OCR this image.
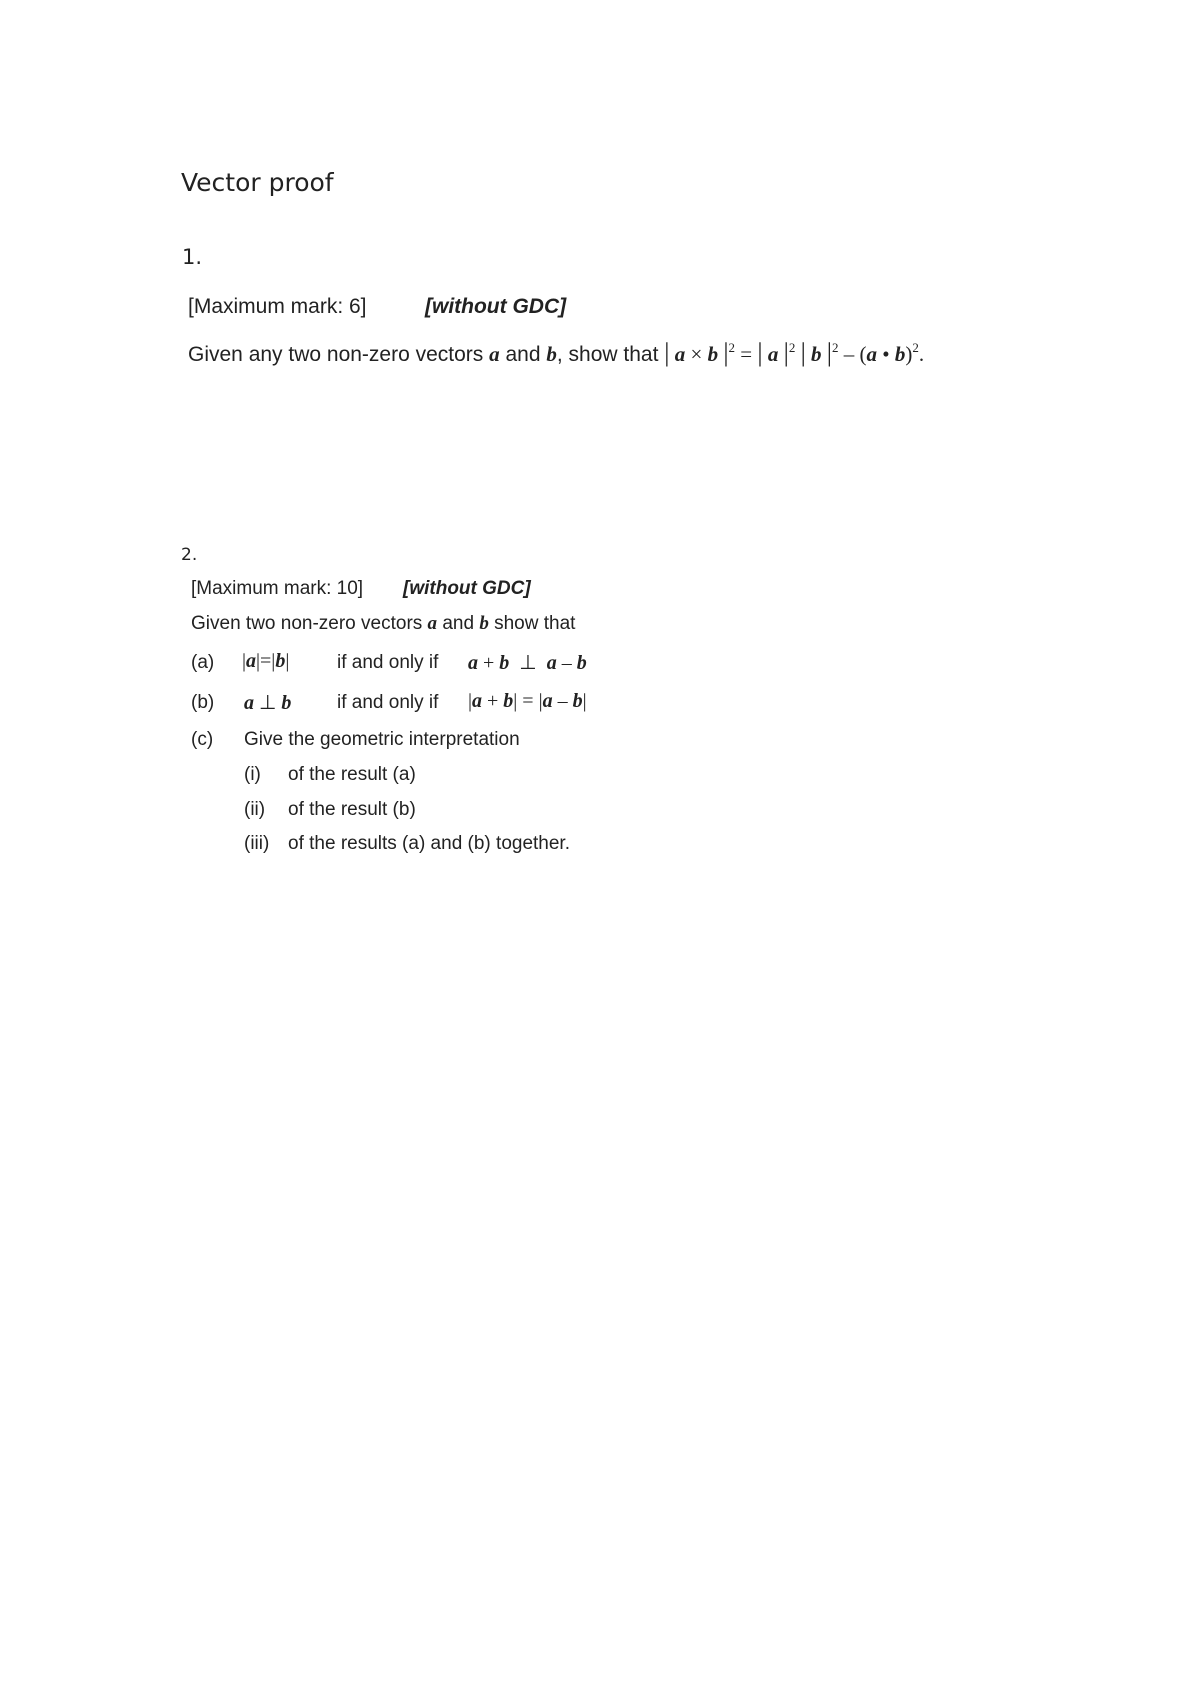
Vector proof
1.
[Maximum mark: 6]	[without GDC]
Given any two non-zero vectors a and b, show that | a × b $|^2$ = | a $|^2$ | b $|^2 - (a$ • b)$^2$.
2.
[Maximum mark: 10] [without GDC]
Given two non-zero vectors a and b show that
(a) |a|=|b|	if and only if a + b  ⊥  a – b
(b) a ⊥ b if and only if |a + b| = |a – b|
(c) Give the geometric interpretation
(i) of the result (a)
(ii) of the result (b)
(iii) of the results (a) and (b) together.
